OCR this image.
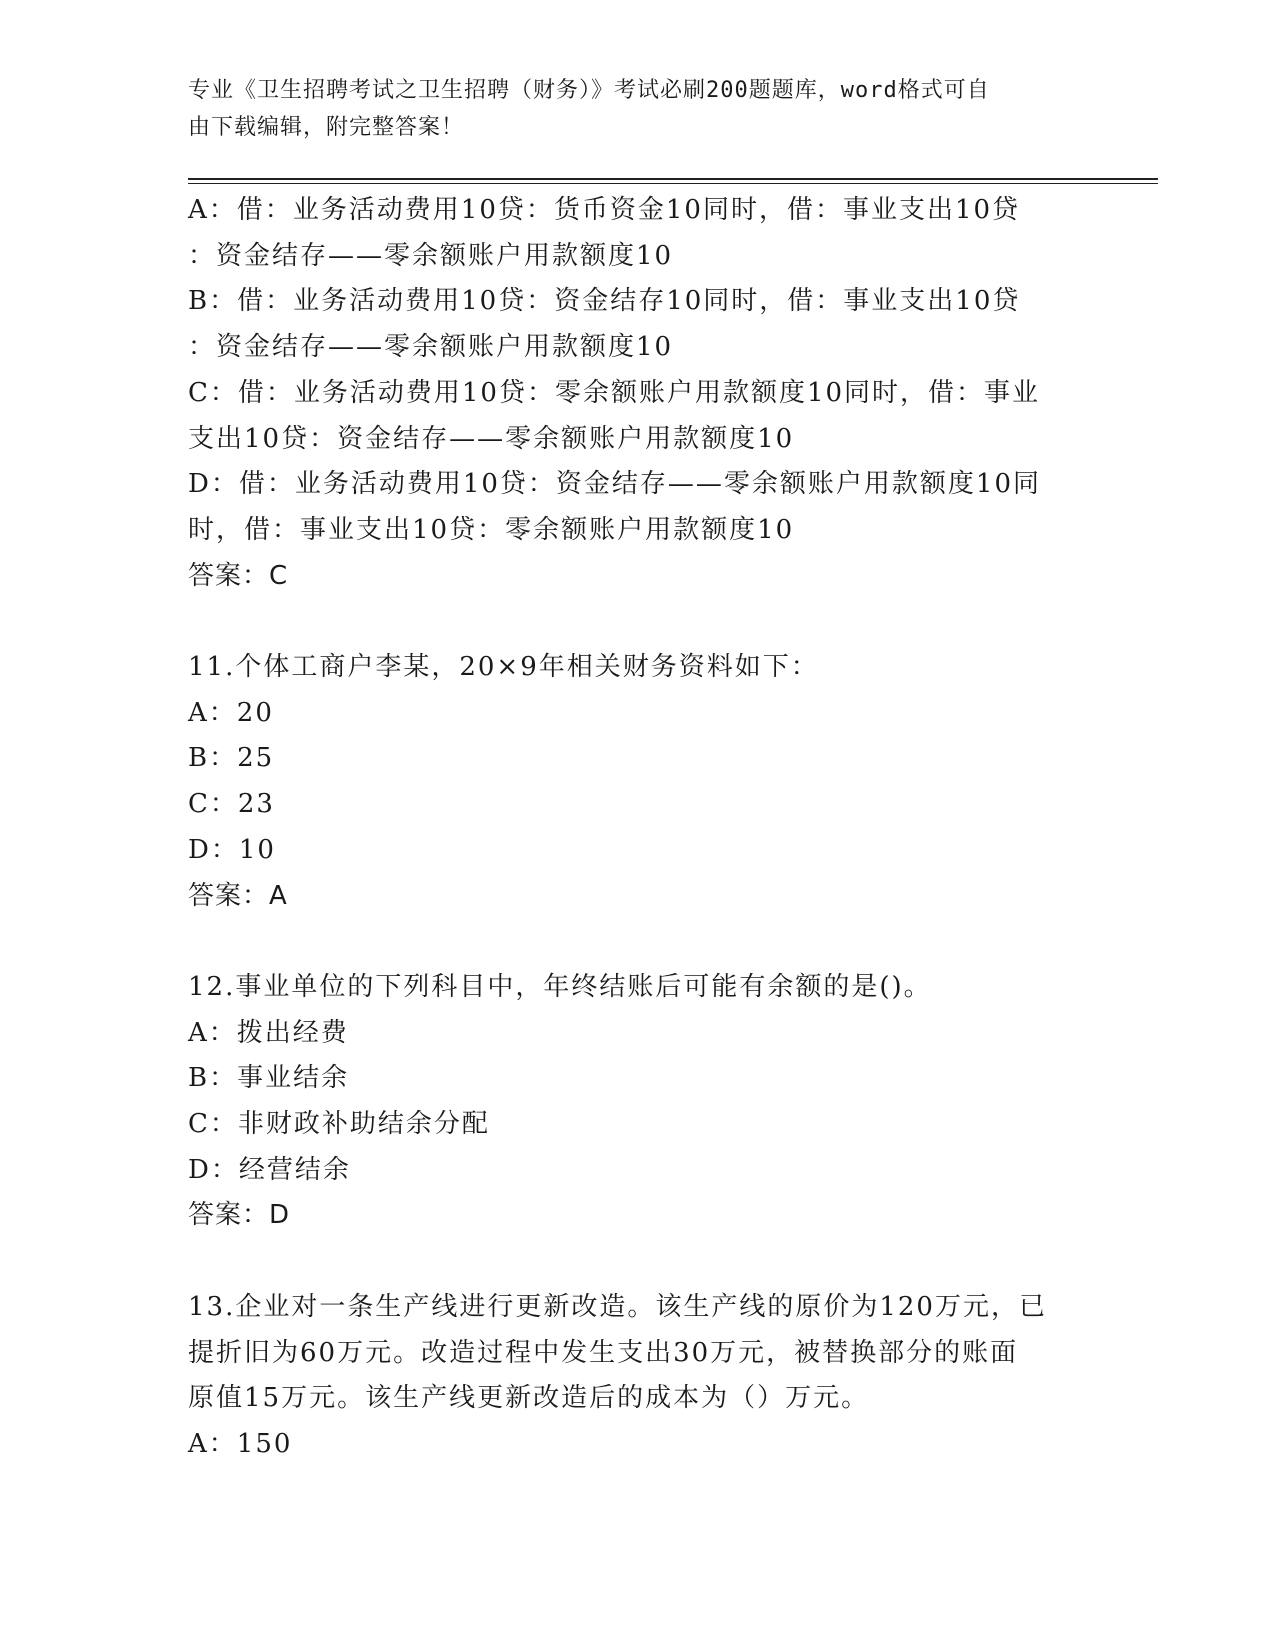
专业《卫生招聘考试之卫生招聘（财务）》考试必刷200题题库，word格式可自
由下载编辑，附完整答案！
A：借：业务活动费用10贷：货币资金10同时，借：事业支出10贷
：资金结存——零余额账户用款额度10
B：借：业务活动费用10贷：资金结存10同时，借：事业支出10贷
：资金结存——零余额账户用款额度10
C：借：业务活动费用10贷：零余额账户用款额度10同时，借：事业
支出10贷：资金结存——零余额账户用款额度10
D：借：业务活动费用10贷：资金结存——零余额账户用款额度10同
时，借：事业支出10贷：零余额账户用款额度10
答案：C
11.个体工商户李某，20×9年相关财务资料如下：
A：20
B：25
C：23
D：10
答案：A
12.事业单位的下列科目中，年终结账后可能有余额的是()。
A：拨出经费
B：事业结余
C：非财政补助结余分配
D：经营结余
答案：D
13.企业对一条生产线进行更新改造。该生产线的原价为120万元，已
提折旧为60万元。改造过程中发生支出30万元，被替换部分的账面
原值15万元。该生产线更新改造后的成本为（）万元。
A：150
